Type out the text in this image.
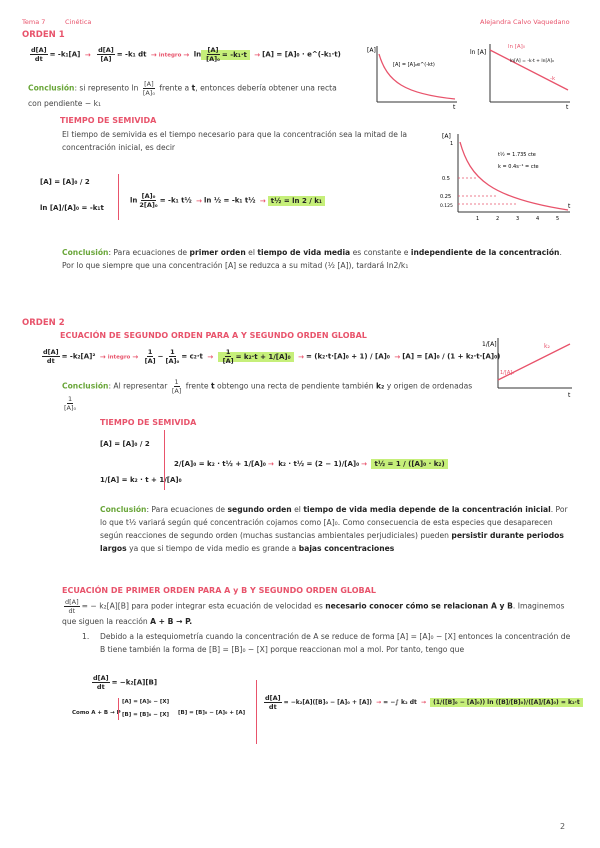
Tema 7	Cinética	Alejandra Calvo Vaquedano
ORDEN 1
$\frac{d[A]}{dt} = -k_1[A] \to \frac{d[A]}{[A]} = -k_1$ dt → integro → $\ln \frac{[A]}{\text{[A]₀}} = -k_1\cdot t \to [A] = [A]_0$ · e^(-k₁·t)	[A]
[A] = [A]₀e^(-kt)
t
ln [A]
ln [A]₀
ln[A] = -k·t + ln[A]₀
-k
t
Conclusión: si represento $\ln \frac{[A]}{\text{[A]₀}}$ frente a t, entonces debería obtener una recta
con pendiente − k₁
TIEMPO DE SEMIVIDA
El tiempo de semivida es el tiempo necesario para que la concentración sea la mitad de la concentración inicial, es decir
[A] = [A]₀ / 2
ln [A]/[A]₀ = -k₁t
$\ln \frac{\text{[A]₀}}{\text{2[A]₀}} = -k_1$ t½ → ln ½ = -k₁ t½ → t½ = ln 2 / k₁
[A]
1
0.5
0.25
0.125
t½ = 1.735 cte
k = 0.4s⁻¹ = cte
1	2	3	4	5
t
Conclusión: Para ecuaciones de primer orden el tiempo de vida media es constante e independiente de la concentración. Por lo que siempre que una concentración [A] se reduzca a su mitad (½ [A]), tardará ln2/k₁
ORDEN 2
ECUACIÓN DE SEGUNDO ORDEN PARA A Y SEGUNDO ORDEN GLOBAL
$\frac{d[A]}{dt} = -k_2[A]^2$ → integro → $\frac{1}{[A]} - \frac{1}{\text{[A]₀}} = c_2\cdot t \to \frac{1}{[A]} = k_2\cdot t + 1/[A]_0$ → = (k₂·t·[A]₀ + 1) / [A]₀ → [A] = [A]₀ / (1 + k₂·t·[A]₀)
1/[A]	k₂
1/[A]₀
t
Conclusión: Al representar $\frac{1}{[A]}$ frente t obtengo una recta de pendiente también k₂ y origen de ordenadas
$\frac{1}{\text{[A]₀}}$
TIEMPO DE SEMIVIDA
[A] = [A]₀ / 2
1/[A] = k₂ · t + 1/[A]₀
2/[A]₀ = k₂ · t½ + 1/[A]₀ → k₂ · t½ = (2 − 1)/[A]₀ → t½ = 1 / ([A]₀ · k₂)
Conclusión: Para ecuaciones de segundo orden el tiempo de vida media depende de la concentración inicial. Por lo que t½ variará según qué concentración cojamos como [A]₀. Como consecuencia de esta especies que desaparecen según reacciones de segundo orden (muchas sustancias ambientales perjudiciales) pueden persistir durante periodos largos ya que si tiempo de vida medio es grande a bajas concentraciones
ECUACIÓN DE PRIMER ORDEN PARA A y B Y SEGUNDO ORDEN GLOBAL
$\frac{d[A]}{dt}$ = − k₂[A][B] para poder integrar esta ecuación de velocidad es necesario conocer cómo se relacionan A y B. Imaginemos que siguen la reacción A + B → P.
1. Debido a la estequiometría cuando la concentración de A se reduce de forma [A] = [A]₀ − [X] entonces la concentración de B tiene también la forma de [B] = [B]₀ − [X] porque reaccionan mol a mol. Por tanto, tengo que
$\frac{d[A]}{dt} = -k_2[A][B]$
Como A + B → P
[A] = [A]₀ − [X]
[B] = [B]₀ − [X] [B] = [B]₀ − [A]₀ + [A]
$\frac{d[A]}{dt} = -k_2[A]([B]_0 - [A]_0 + [A])$ → = −∫ k₂ dt → (1/([B]₀ − [A]₀)) ln ([B]/[B]₀)/([A]/[A]₀) = k₂·t
2
